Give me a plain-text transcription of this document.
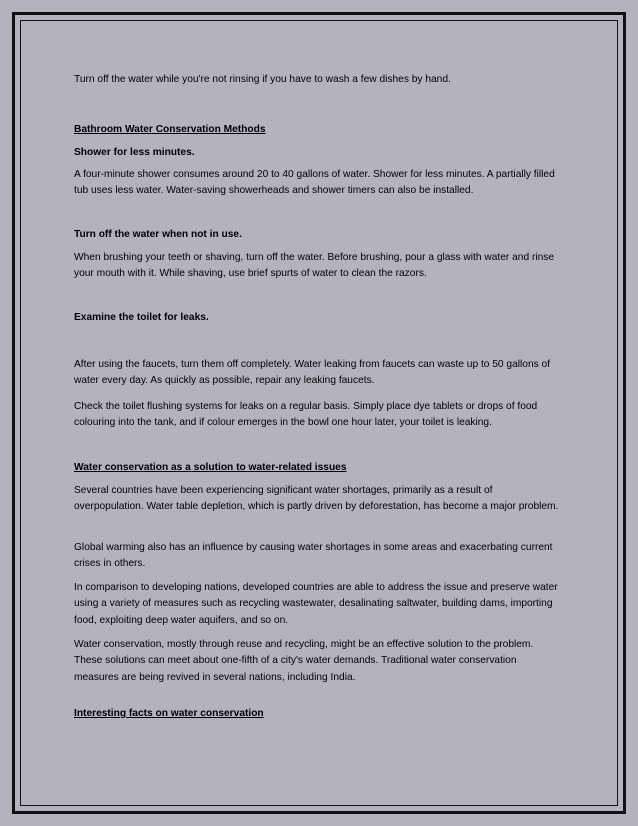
Turn off the water while you're not rinsing if you have to wash a few dishes by hand.

Bathroom Water Conservation Methods

Shower for less minutes.

A four-minute shower consumes around 20 to 40 gallons of water. Shower for less minutes. A partially filled tub uses less water. Water-saving showerheads and shower timers can also be installed.

Turn off the water when not in use.

When brushing your teeth or shaving, turn off the water. Before brushing, pour a glass with water and rinse your mouth with it. While shaving, use brief spurts of water to clean the razors.

Examine the toilet for leaks.

After using the faucets, turn them off completely. Water leaking from faucets can waste up to 50 gallons of water every day. As quickly as possible, repair any leaking faucets.

Check the toilet flushing systems for leaks on a regular basis. Simply place dye tablets or drops of food colouring into the tank, and if colour emerges in the bowl one hour later, your toilet is leaking.

Water conservation as a solution to water-related issues

Several countries have been experiencing significant water shortages, primarily as a result of overpopulation. Water table depletion, which is partly driven by deforestation, has become a major problem.

Global warming also has an influence by causing water shortages in some areas and exacerbating current crises in others.

In comparison to developing nations, developed countries are able to address the issue and preserve water using a variety of measures such as recycling wastewater, desalinating saltwater, building dams, importing food, exploiting deep water aquifers, and so on.

Water conservation, mostly through reuse and recycling, might be an effective solution to the problem. These solutions can meet about one-fifth of a city's water demands. Traditional water conservation measures are being revived in several nations, including India.

Interesting facts on water conservation
